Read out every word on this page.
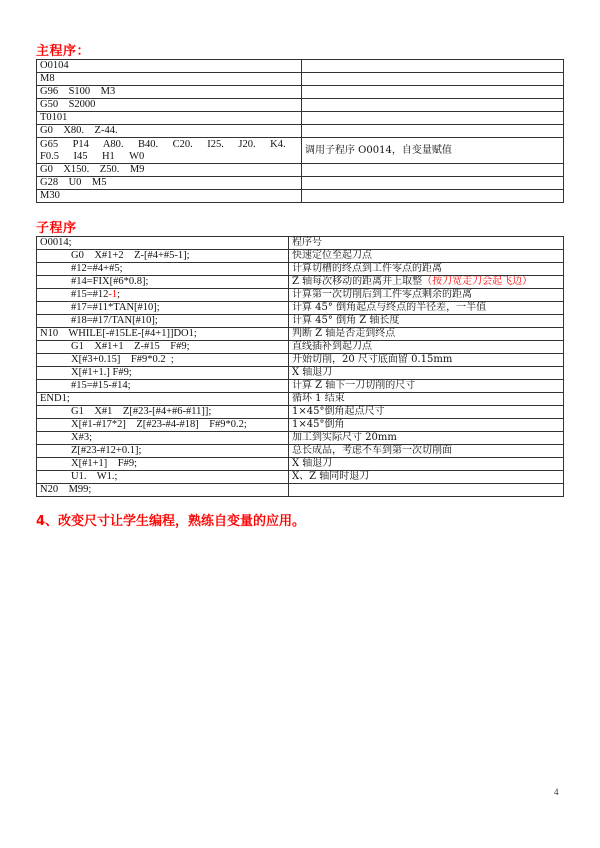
主程序：
O0104	
M8	
G96    S100    M3	
G50    S2000	
T0101	
G0    X80.    Z-44.	
G65    P14    A80.    B40.    C20.    I25.    J20.    K4.    F0.5    I45    H1    W0	调用子程序 O0014，自变量赋值
G0    X150.    Z50.    M9	
G28    U0    M5	
M30	
子程序
O0014;	程序号
G0    X#1+2    Z-[#4+#5-1];	快速定位至起刀点
#12=#4+#5;	计算切槽的终点到工件零点的距离
#14=FIX[#6*0.8];	Z 轴每次移动的距离并上取整（按刀宽走刀会起飞边）
#15=#12-1;	计算第一次切削后到工件零点剩余的距离
#17=#11*TAN[#10];	计算 45° 倒角起点与终点的半径差，一半值
#18=#17/TAN[#10];	计算 45° 倒角 Z 轴长度
N10    WHILE[-#15LE-[#4+1]]DO1;	判断 Z 轴是否走到终点
G1    X#1+1    Z-#15    F#9;	直线插补到起刀点
X[#3+0.15]    F#9*0.2  ;	开始切削，20 尺寸底面留 0.15mm
X[#1+1.] F#9;	X 轴退刀
#15=#15-#14;	计算 Z 轴下一刀切削的尺寸
END1;	循环 1 结束
G1    X#1    Z[#23-[#4+#6-#11]];	1×45°倒角起点尺寸
X[#1-#17*2]    Z[#23-#4-#18]    F#9*0.2;	1×45°倒角
X#3;	加工到实际尺寸 20mm
Z[#23-#12+0.1];	总长成品，考虑不车到第一次切削面
X[#1+1]    F#9;	X 轴退刀
U1.    W1.;	X、Z 轴同时退刀
N20    M99;	
4、改变尺寸让学生编程，熟练自变量的应用。
4
